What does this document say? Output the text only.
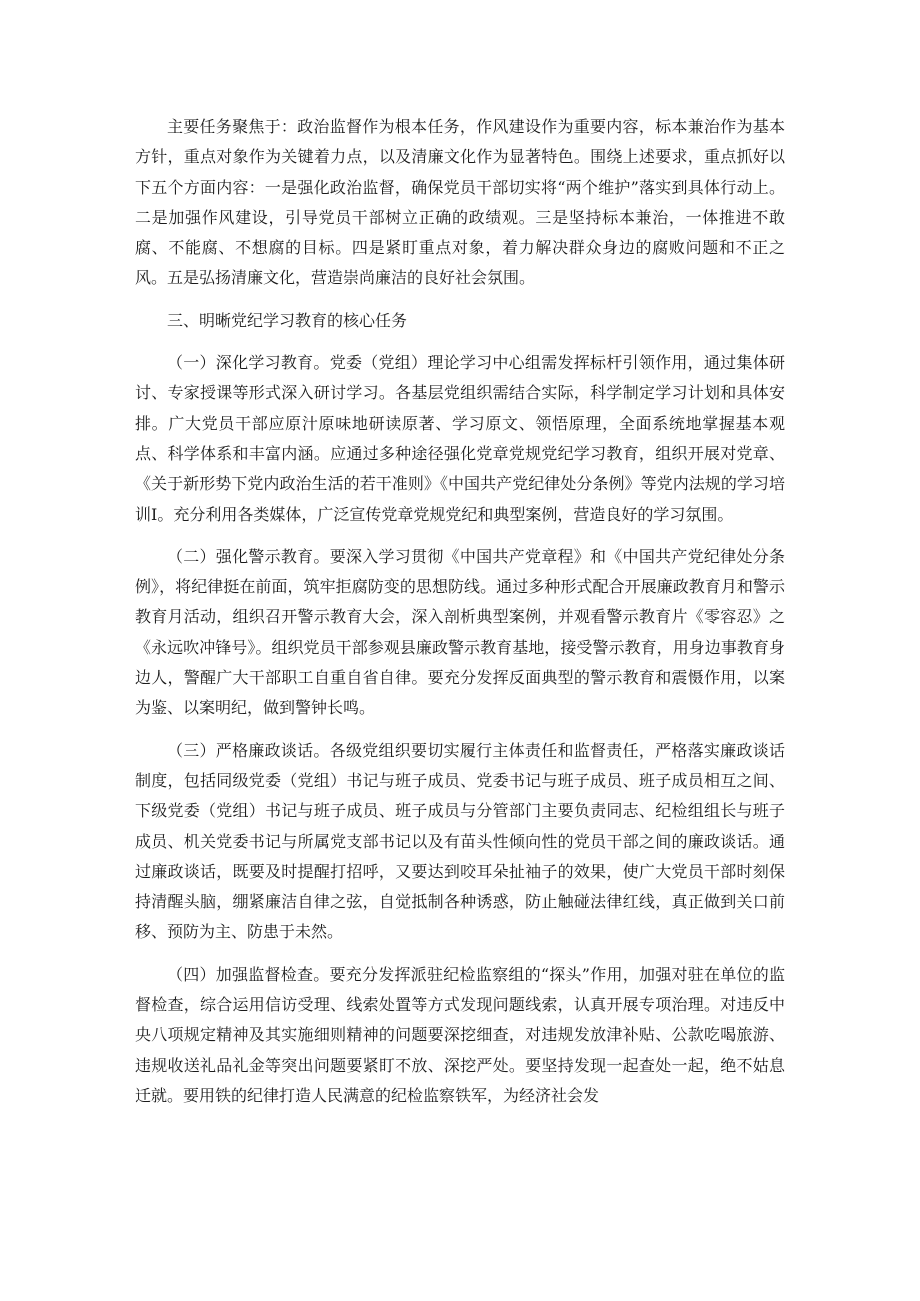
主要任务聚焦于：政治监督作为根本任务，作风建设作为重要内容，标本兼治作为基本方针，重点对象作为关键着力点，以及清廉文化作为显著特色。围绕上述要求，重点抓好以下五个方面内容：一是强化政治监督，确保党员干部切实将“两个维护”落实到具体行动上。二是加强作风建设，引导党员干部树立正确的政绩观。三是坚持标本兼治，一体推进不敢腐、不能腐、不想腐的目标。四是紧盯重点对象，着力解决群众身边的腐败问题和不正之风。五是弘扬清廉文化，营造崇尚廉洁的良好社会氛围。

三、明晰党纪学习教育的核心任务

（一）深化学习教育。党委（党组）理论学习中心组需发挥标杆引领作用，通过集体研讨、专家授课等形式深入研讨学习。各基层党组织需结合实际，科学制定学习计划和具体安排。广大党员干部应原汁原味地研读原著、学习原文、领悟原理，全面系统地掌握基本观点、科学体系和丰富内涵。应通过多种途径强化党章党规党纪学习教育，组织开展对党章、《关于新形势下党内政治生活的若干准则》《中国共产党纪律处分条例》等党内法规的学习培训I。充分利用各类媒体，广泛宣传党章党规党纪和典型案例，营造良好的学习氛围。

（二）强化警示教育。要深入学习贯彻《中国共产党章程》和《中国共产党纪律处分条例》，将纪律挺在前面，筑牢拒腐防变的思想防线。通过多种形式配合开展廉政教育月和警示教育月活动，组织召开警示教育大会，深入剖析典型案例，并观看警示教育片《零容忍》之《永远吹冲锋号》。组织党员干部参观县廉政警示教育基地，接受警示教育，用身边事教育身边人，警醒广大干部职工自重自省自律。要充分发挥反面典型的警示教育和震慑作用，以案为鉴、以案明纪，做到警钟长鸣。

（三）严格廉政谈话。各级党组织要切实履行主体责任和监督责任，严格落实廉政谈话制度，包括同级党委（党组）书记与班子成员、党委书记与班子成员、班子成员相互之间、下级党委（党组）书记与班子成员、班子成员与分管部门主要负责同志、纪检组组长与班子成员、机关党委书记与所属党支部书记以及有苗头性倾向性的党员干部之间的廉政谈话。通过廉政谈话，既要及时提醒打招呼，又要达到咬耳朵扯袖子的效果，使广大党员干部时刻保持清醒头脑，绷紧廉洁自律之弦，自觉抵制各种诱惑，防止触碰法律红线，真正做到关口前移、预防为主、防患于未然。

（四）加强监督检查。要充分发挥派驻纪检监察组的“探头”作用，加强对驻在单位的监督检查，综合运用信访受理、线索处置等方式发现问题线索，认真开展专项治理。对违反中央八项规定精神及其实施细则精神的问题要深挖细查，对违规发放津补贴、公款吃喝旅游、违规收送礼品礼金等突出问题要紧盯不放、深挖严处。要坚持发现一起查处一起，绝不姑息迁就。要用铁的纪律打造人民满意的纪检监察铁军，为经济社会发
